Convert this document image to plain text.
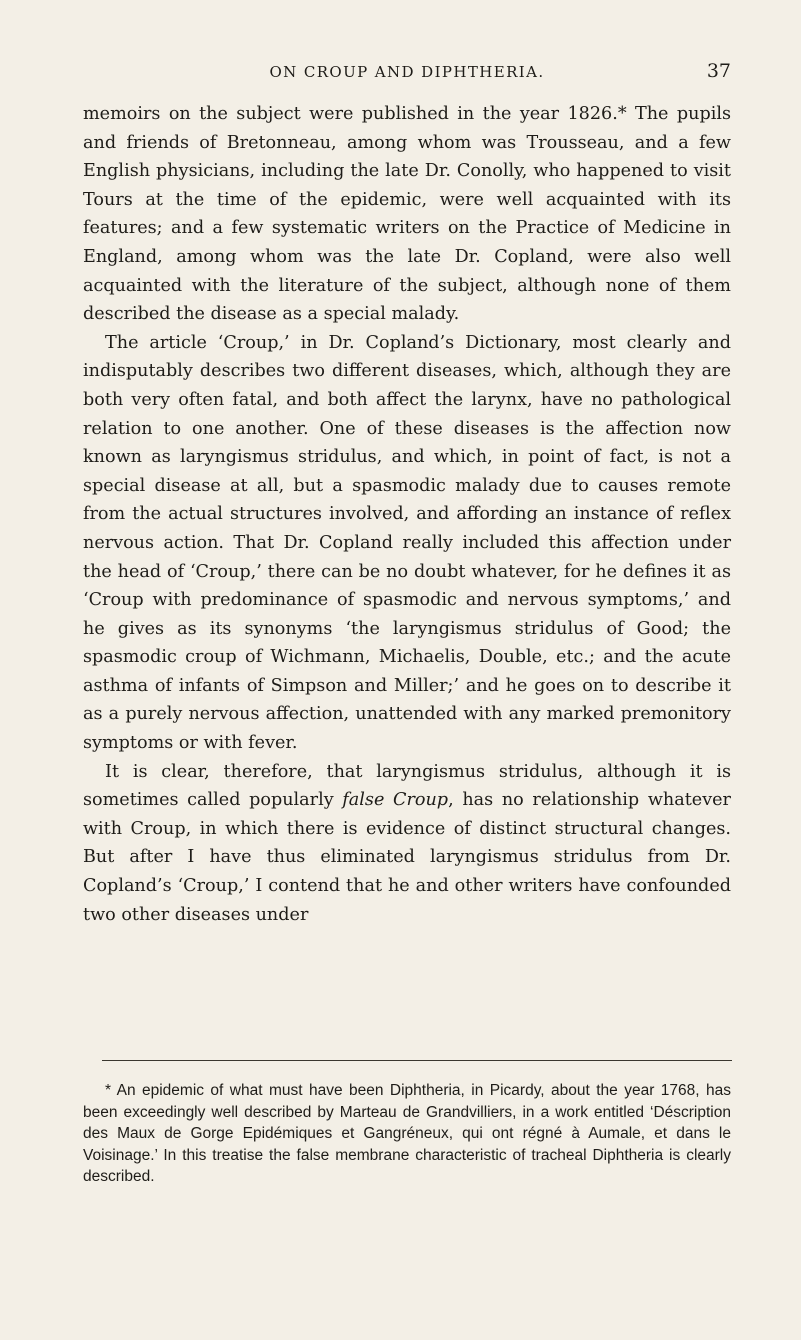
ON CROUP AND DIPHTHERIA.	37

memoirs on the subject were published in the year 1826.* The pupils and friends of Bretonneau, among whom was Trousseau, and a few English physicians, including the late Dr. Conolly, who happened to visit Tours at the time of the epidemic, were well acquainted with its features; and a few systematic writers on the Practice of Medicine in England, among whom was the late Dr. Copland, were also well acquainted with the literature of the subject, although none of them described the disease as a special malady.

The article ‘Croup,’ in Dr. Copland’s Dictionary, most clearly and indisputably describes two different diseases, which, although they are both very often fatal, and both affect the larynx, have no pathological relation to one another. One of these diseases is the affection now known as laryngismus stridulus, and which, in point of fact, is not a special disease at all, but a spasmodic malady due to causes remote from the actual structures involved, and affording an instance of reflex nervous action. That Dr. Copland really included this affection under the head of ‘Croup,’ there can be no doubt whatever, for he defines it as ‘Croup with predominance of spasmodic and nervous symptoms,’ and he gives as its synonyms ‘the laryngismus stridulus of Good; the spasmodic croup of Wichmann, Michaelis, Double, etc.; and the acute asthma of infants of Simpson and Miller;’ and he goes on to describe it as a purely nervous affection, unattended with any marked premonitory symptoms or with fever.

It is clear, therefore, that laryngismus stridulus, although it is sometimes called popularly false Croup, has no relationship whatever with Croup, in which there is evidence of distinct structural changes. But after I have thus eliminated laryngismus stridulus from Dr. Copland’s ‘Croup,’ I contend that he and other writers have confounded two other diseases under

* An epidemic of what must have been Diphtheria, in Picardy, about the year 1768, has been exceedingly well described by Marteau de Grandvilliers, in a work entitled ‘Déscription des Maux de Gorge Epidémiques et Gangréneux, qui ont régné à Aumale, et dans le Voisinage.’ In this treatise the false membrane characteristic of tracheal Diphtheria is clearly described.
